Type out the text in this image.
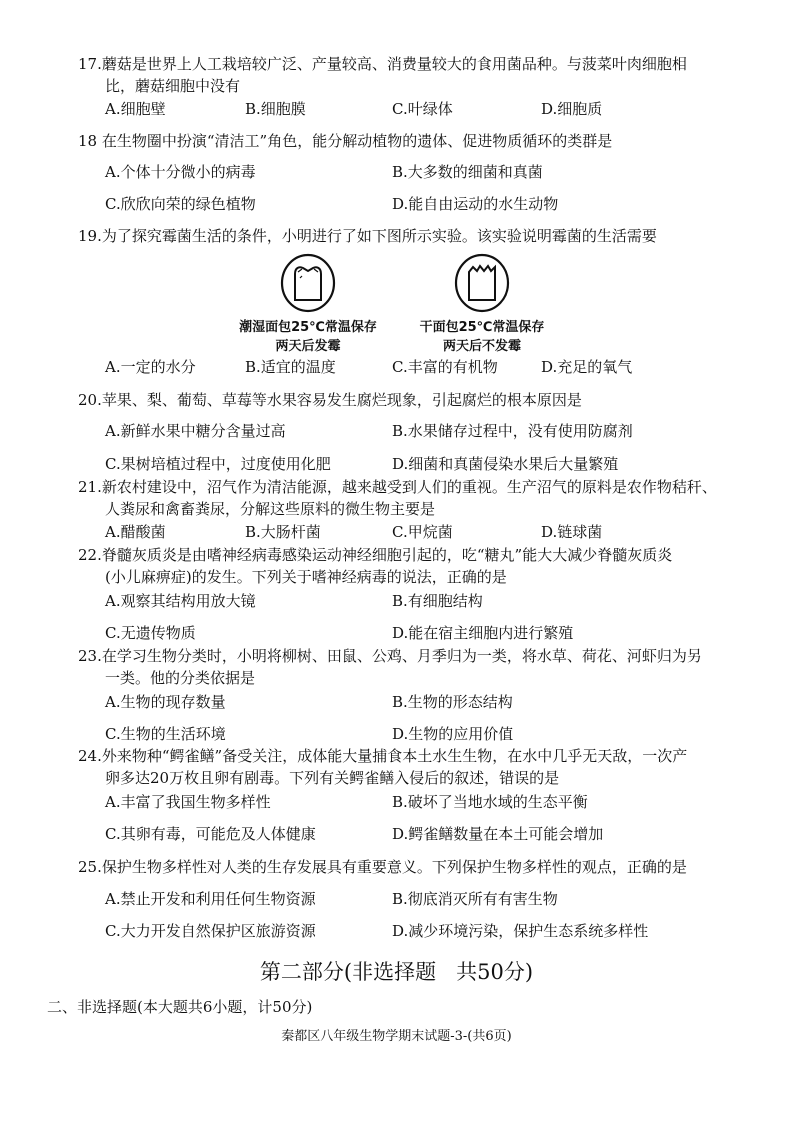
17.蘑菇是世界上人工栽培较广泛、产量较高、消费量较大的食用菌品种。与菠菜叶肉细胞相
比，蘑菇细胞中没有
A.细胞壁	B.细胞膜	C.叶绿体	D.细胞质
18 在生物圈中扮演“清洁工”角色，能分解动植物的遗体、促进物质循环的类群是
A.个体十分微小的病毒	B.大多数的细菌和真菌
C.欣欣向荣的绿色植物	D.能自由运动的水生动物
19.为了探究霉菌生活的条件，小明进行了如下图所示实验。该实验说明霉菌的生活需要
潮湿面包25℃常温保存
两天后发霉
干面包25℃常温保存
两天后不发霉
A.一定的水分	B.适宜的温度	C.丰富的有机物	D.充足的氧气
20.苹果、梨、葡萄、草莓等水果容易发生腐烂现象，引起腐烂的根本原因是
A.新鲜水果中糖分含量过高	B.水果储存过程中，没有使用防腐剂
C.果树培植过程中，过度使用化肥	D.细菌和真菌侵染水果后大量繁殖
21.新农村建设中，沼气作为清洁能源，越来越受到人们的重视。生产沼气的原料是农作物秸秆、
人粪尿和禽畜粪尿，分解这些原料的微生物主要是
A.醋酸菌	B.大肠杆菌	C.甲烷菌	D.链球菌
22.脊髓灰质炎是由嗜神经病毒感染运动神经细胞引起的，吃“糖丸”能大大减少脊髓灰质炎
(小儿麻痹症)的发生。下列关于嗜神经病毒的说法，正确的是
A.观察其结构用放大镜	B.有细胞结构
C.无遗传物质	D.能在宿主细胞内进行繁殖
23.在学习生物分类时，小明将柳树、田鼠、公鸡、月季归为一类，将水草、荷花、河虾归为另
一类。他的分类依据是
A.生物的现存数量	B.生物的形态结构
C.生物的生活环境	D.生物的应用价值
24.外来物种“鳄雀鳝”备受关注，成体能大量捕食本土水生生物，在水中几乎无天敌，一次产
卵多达20万枚且卵有剧毒。下列有关鳄雀鳝入侵后的叙述，错误的是
A.丰富了我国生物多样性	B.破坏了当地水域的生态平衡
C.其卵有毒，可能危及人体健康	D.鳄雀鳝数量在本土可能会增加
25.保护生物多样性对人类的生存发展具有重要意义。下列保护生物多样性的观点，正确的是
A.禁止开发和利用任何生物资源	B.彻底消灭所有有害生物
C.大力开发自然保护区旅游资源	D.减少环境污染，保护生态系统多样性
第二部分(非选择题   共50分)
二、非选择题(本大题共6小题，计50分)
秦都区八年级生物学期末试题-3-(共6页)
